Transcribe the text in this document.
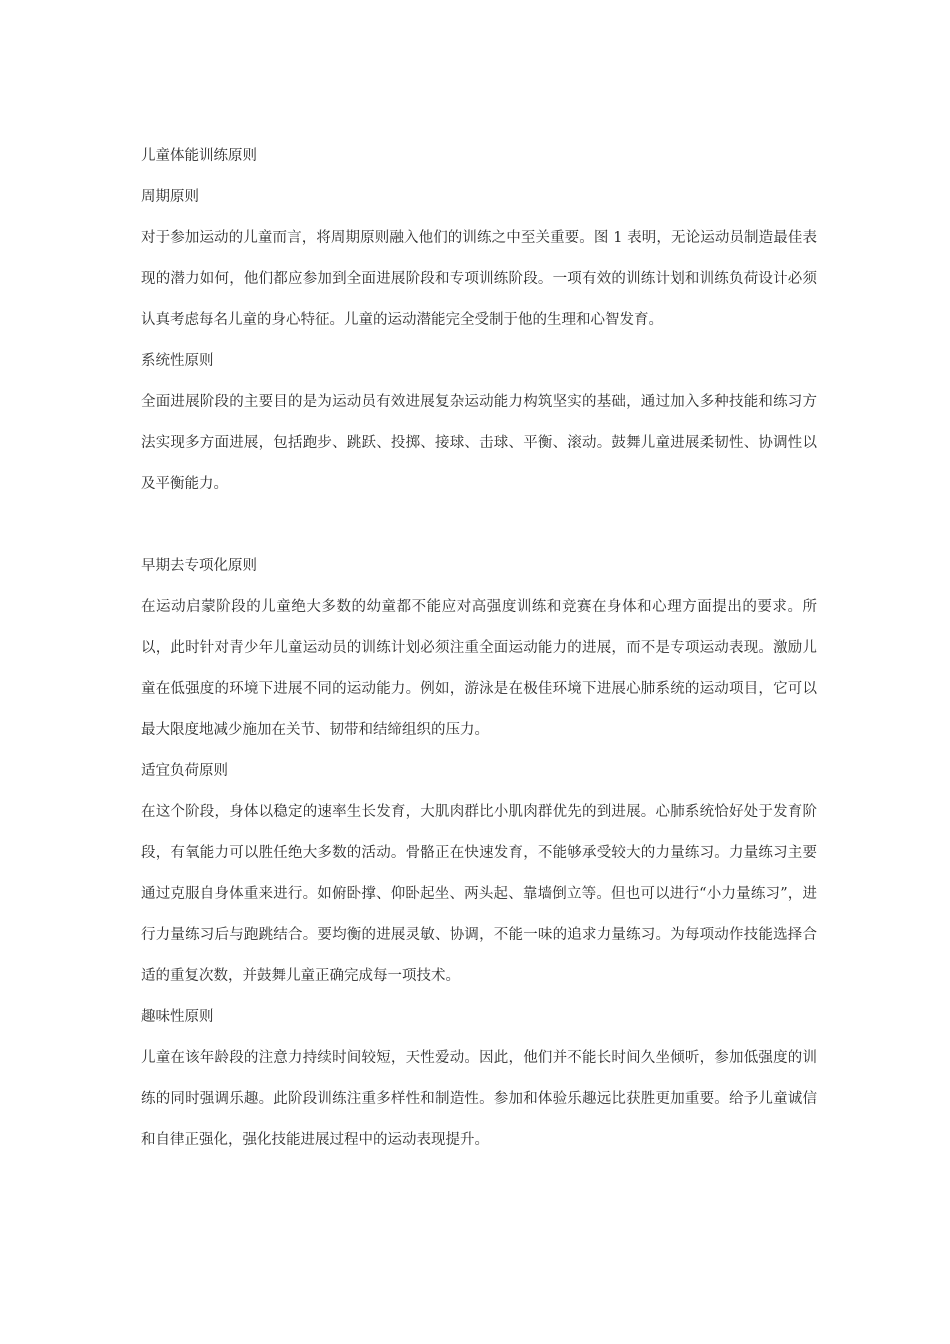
儿童体能训练原则

周期原则

对于参加运动的儿童而言，将周期原则融入他们的训练之中至关重要。图 1 表明，无论运动员制造最佳表现的潜力如何，他们都应参加到全面进展阶段和专项训练阶段。一项有效的训练计划和训练负荷设计必须认真考虑每名儿童的身心特征。儿童的运动潜能完全受制于他的生理和心智发育。

系统性原则

全面进展阶段的主要目的是为运动员有效进展复杂运动能力构筑坚实的基础，通过加入多种技能和练习方法实现多方面进展，包括跑步、跳跃、投掷、接球、击球、平衡、滚动。鼓舞儿童进展柔韧性、协调性以及平衡能力。

早期去专项化原则

在运动启蒙阶段的儿童绝大多数的幼童都不能应对高强度训练和竞赛在身体和心理方面提出的要求。所以，此时针对青少年儿童运动员的训练计划必须注重全面运动能力的进展，而不是专项运动表现。激励儿童在低强度的环境下进展不同的运动能力。例如，游泳是在极佳环境下进展心肺系统的运动项目，它可以最大限度地减少施加在关节、韧带和结缔组织的压力。

适宜负荷原则

在这个阶段，身体以稳定的速率生长发育，大肌肉群比小肌肉群优先的到进展。心肺系统恰好处于发育阶段，有氧能力可以胜任绝大多数的活动。骨骼正在快速发育，不能够承受较大的力量练习。力量练习主要通过克服自身体重来进行。如俯卧撑、仰卧起坐、两头起、靠墙倒立等。但也可以进行“小力量练习”，进行力量练习后与跑跳结合。要均衡的进展灵敏、协调，不能一味的追求力量练习。为每项动作技能选择合适的重复次数，并鼓舞儿童正确完成每一项技术。

趣味性原则

儿童在该年龄段的注意力持续时间较短，天性爱动。因此，他们并不能长时间久坐倾听，参加低强度的训练的同时强调乐趣。此阶段训练注重多样性和制造性。参加和体验乐趣远比获胜更加重要。给予儿童诚信和自律正强化，强化技能进展过程中的运动表现提升。
